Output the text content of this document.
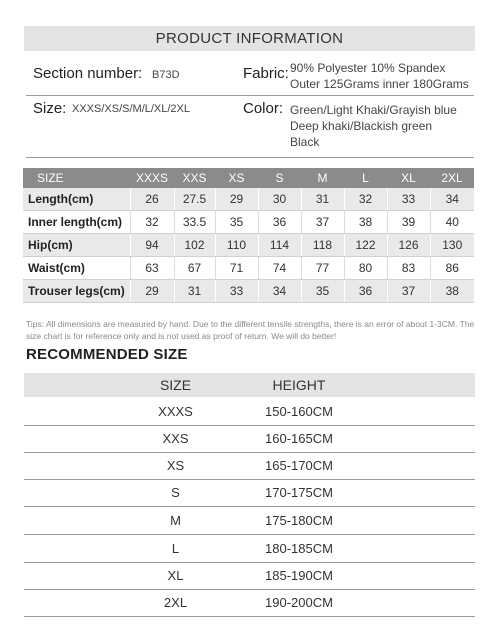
PRODUCT INFORMATION
Section number: B73D	Fabric: 90% Polyester 10% Spandex
Outer 125Grams inner 180Grams
Size: XXXS/XS/S/M/L/XL/2XL	Color: Green/Light Khaki/Grayish blue
Deep khaki/Blackish green
Black
SIZE	XXXS	XXS	XS	S	M	L	XL	2XL
Length(cm)	26	27.5	29	30	31	32	33	34
Inner length(cm)	32	33.5	35	36	37	38	39	40
Hip(cm)	94	102	110	114	118	122	126	130
Waist(cm)	63	67	71	74	77	80	83	86
Trouser legs(cm)	29	31	33	34	35	36	37	38
Tips: All dimensions are measured by hand. Due to the different tensile strengths, there is an error of about 1-3CM. The size chart is for reference only and is not used as proof of return. We will do better!
RECOMMENDED SIZE
SIZE	HEIGHT
XXXS	150-160CM
XXS	160-165CM
XS	165-170CM
S	170-175CM
M	175-180CM
L	180-185CM
XL	185-190CM
2XL	190-200CM
